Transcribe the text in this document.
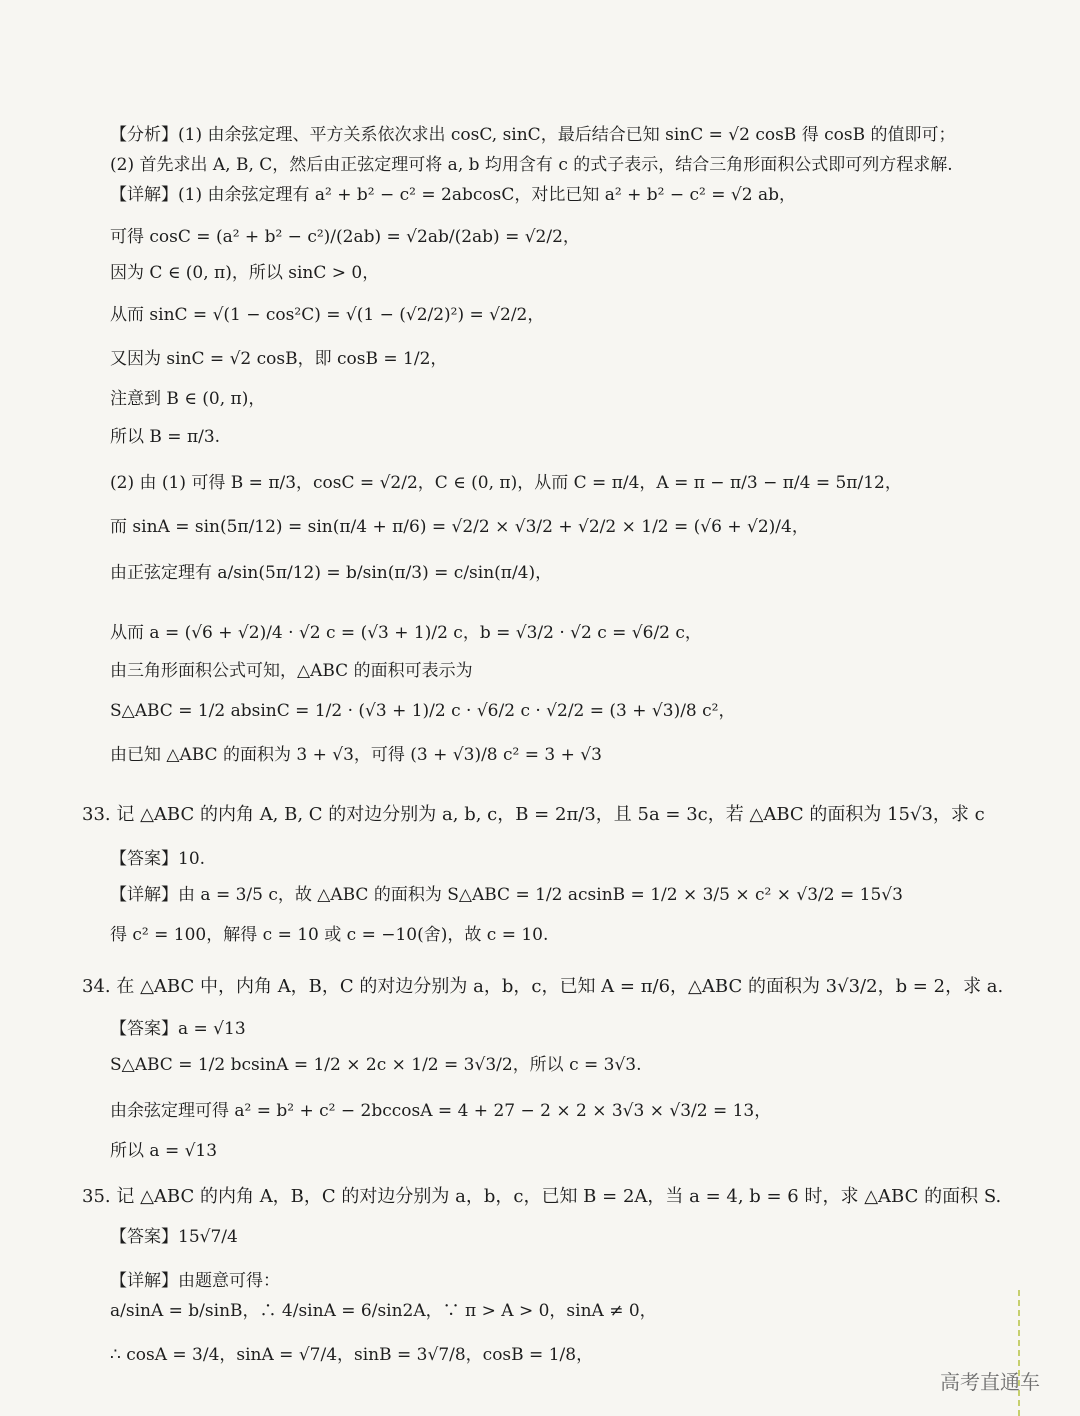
【分析】(1) 由余弦定理、平方关系依次求出 cosC, sinC，最后结合已知 sinC = √2 cosB 得 cosB 的值即可；
(2) 首先求出 A, B, C，然后由正弦定理可将 a, b 均用含有 c 的式子表示，结合三角形面积公式即可列方程求解.
【详解】(1) 由余弦定理有 a² + b² − c² = 2abcosC，对比已知 a² + b² − c² = √2 ab，
可得 cosC = (a² + b² − c²)/(2ab) = √2ab/(2ab) = √2/2，
因为 C ∈ (0, π)，所以 sinC > 0，
从而 sinC = √(1 − cos²C) = √(1 − (√2/2)²) = √2/2，
又因为 sinC = √2 cosB，即 cosB = 1/2，
注意到 B ∈ (0, π)，
所以 B = π/3.
(2) 由 (1) 可得 B = π/3，cosC = √2/2，C ∈ (0, π)，从而 C = π/4，A = π − π/3 − π/4 = 5π/12，
而 sinA = sin(5π/12) = sin(π/4 + π/6) = √2/2 × √3/2 + √2/2 × 1/2 = (√6 + √2)/4，
由正弦定理有 a/sin(5π/12) = b/sin(π/3) = c/sin(π/4)，
从而 a = (√6 + √2)/4 · √2 c = (√3 + 1)/2 c，b = √3/2 · √2 c = √6/2 c，
由三角形面积公式可知，△ABC 的面积可表示为
S△ABC = 1/2 absinC = 1/2 · (√3 + 1)/2 c · √6/2 c · √2/2 = (3 + √3)/8 c²，
由已知 △ABC 的面积为 3 + √3，可得 (3 + √3)/8 c² = 3 + √3
33. 记 △ABC 的内角 A, B, C 的对边分别为 a, b, c，B = 2π/3，且 5a = 3c，若 △ABC 的面积为 15√3，求 c
【答案】10.
【详解】由 a = 3/5 c，故 △ABC 的面积为 S△ABC = 1/2 acsinB = 1/2 × 3/5 × c² × √3/2 = 15√3
得 c² = 100，解得 c = 10 或 c = −10(舍)，故 c = 10.
34. 在 △ABC 中，内角 A，B，C 的对边分别为 a，b，c，已知 A = π/6，△ABC 的面积为 3√3/2，b = 2，求 a.
【答案】a = √13
S△ABC = 1/2 bcsinA = 1/2 × 2c × 1/2 = 3√3/2，所以 c = 3√3.
由余弦定理可得 a² = b² + c² − 2bccosA = 4 + 27 − 2 × 2 × 3√3 × √3/2 = 13，
所以 a = √13
35. 记 △ABC 的内角 A，B，C 的对边分别为 a，b，c，已知 B = 2A，当 a = 4, b = 6 时，求 △ABC 的面积 S.
【答案】15√7/4
【详解】由题意可得：
a/sinA = b/sinB，∴ 4/sinA = 6/sin2A，∵ π > A > 0，sinA ≠ 0，
∴ cosA = 3/4，sinA = √7/4，sinB = 3√7/8，cosB = 1/8，
高考直通车
